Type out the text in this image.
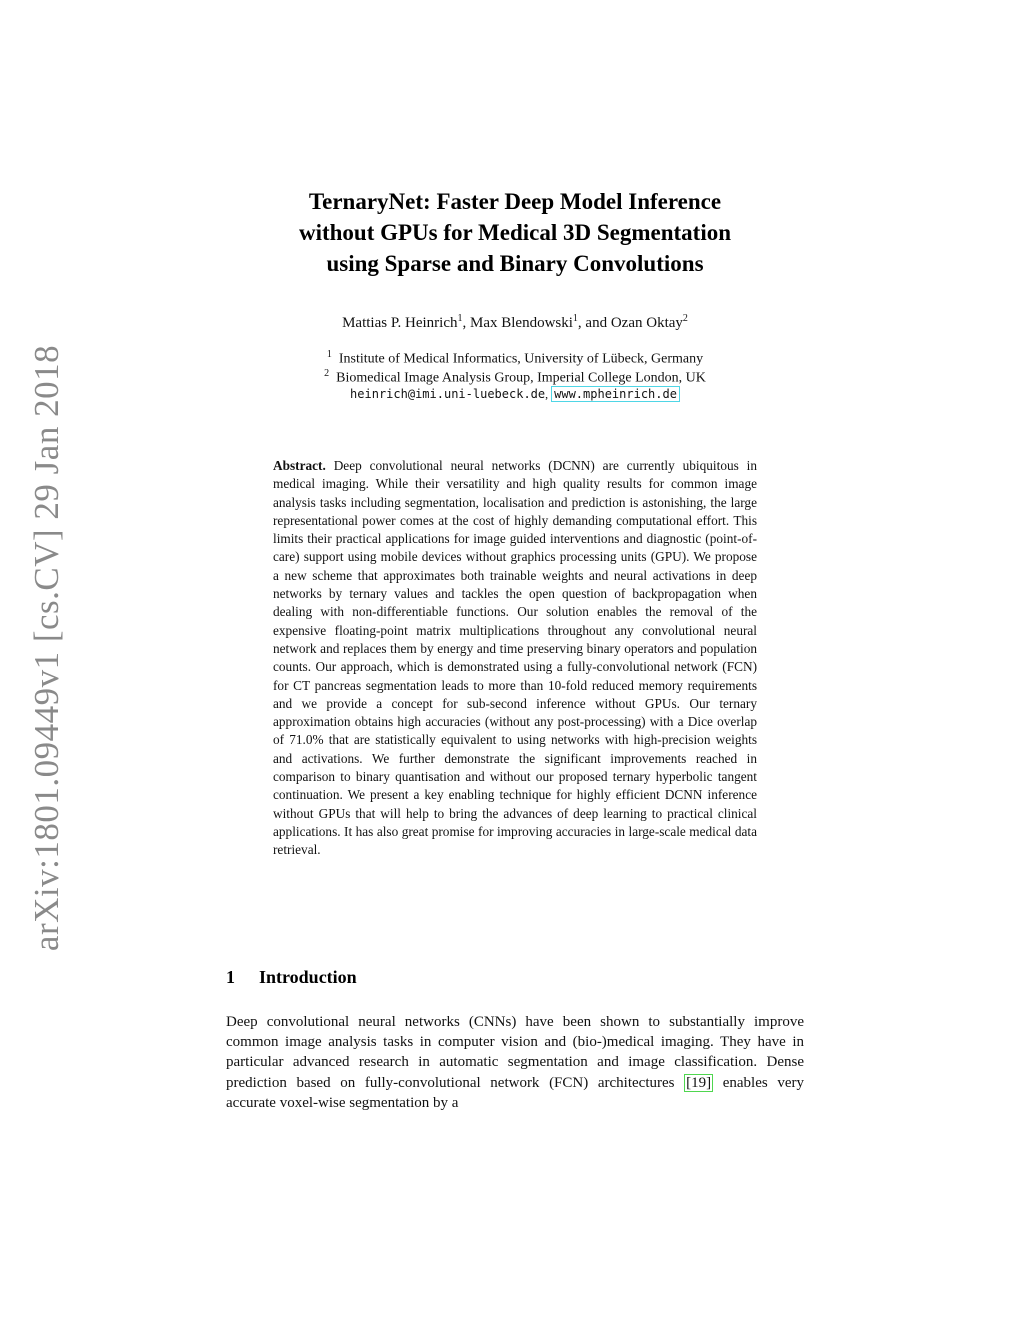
arXiv:1801.09449v1 [cs.CV] 29 Jan 2018
TernaryNet: Faster Deep Model Inference
without GPUs for Medical 3D Segmentation
using Sparse and Binary Convolutions
Mattias P. Heinrich$^1$, Max Blendowski$^1$, and Ozan Oktay$^2$
$^1$ Institute of Medical Informatics, University of Lübeck, Germany
$^2$ Biomedical Image Analysis Group, Imperial College London, UK
heinrich@imi.uni-luebeck.de, www.mpheinrich.de
Abstract. Deep convolutional neural networks (DCNN) are currently ubiquitous in medical imaging. While their versatility and high quality results for common image analysis tasks including segmentation, localisation and prediction is astonishing, the large representational power comes at the cost of highly demanding computational effort. This limits their practical applications for image guided interventions and diagnostic (point-of-care) support using mobile devices without graphics processing units (GPU). We propose a new scheme that approximates both trainable weights and neural activations in deep networks by ternary values and tackles the open question of backpropagation when dealing with non-differentiable functions. Our solution enables the removal of the expensive floating-point matrix multiplications throughout any convolutional neural network and replaces them by energy and time preserving binary operators and population counts. Our approach, which is demonstrated using a fully-convolutional network (FCN) for CT pancreas segmentation leads to more than 10-fold reduced memory requirements and we provide a concept for sub-second inference without GPUs. Our ternary approximation obtains high accuracies (without any post-processing) with a Dice overlap of 71.0% that are statistically equivalent to using networks with high-precision weights and activations. We further demonstrate the significant improvements reached in comparison to binary quantisation and without our proposed ternary hyperbolic tangent continuation. We present a key enabling technique for highly efficient DCNN inference without GPUs that will help to bring the advances of deep learning to practical clinical applications. It has also great promise for improving accuracies in large-scale medical data retrieval.
1 Introduction
Deep convolutional neural networks (CNNs) have been shown to substantially improve common image analysis tasks in computer vision and (bio-)medical imaging. They have in particular advanced research in automatic segmentation and image classification. Dense prediction based on fully-convolutional network (FCN) architectures [19] enables very accurate voxel-wise segmentation by a
